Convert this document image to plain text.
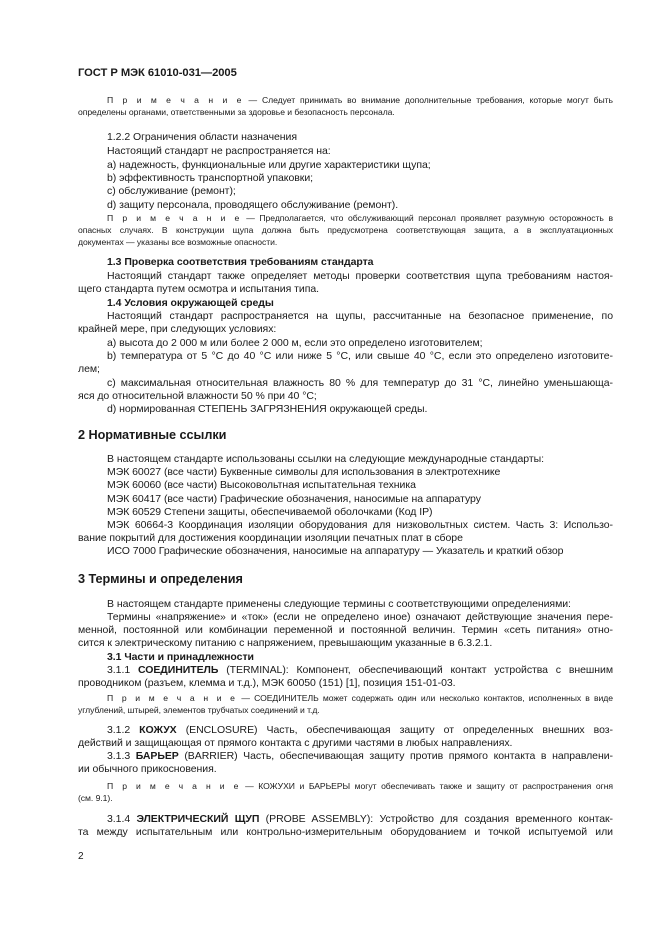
ГОСТ Р МЭК 61010-031—2005

П р и м е ч а н и е — Следует принимать во внимание дополнительные требования, которые могут быть

определены органами, ответственными за здоровье и безопасность персонала.

1.2.2 Ограничения области назначения

Настоящий стандарт не распространяется на:

а) надежность, функциональные или другие характеристики щупа;

b) эффективность транспортной упаковки;

c) обслуживание (ремонт);

d) защиту персонала, проводящего обслуживание (ремонт).

П р и м е ч а н и е — Предполагается, что обслуживающий персонал проявляет разумную осторожность в

опасных случаях. В конструкции щупа должна быть предусмотрена соответствующая защита, а в эксплуатационных

документах — указаны все возможные опасности.

1.3 Проверка соответствия требованиям стандарта

Настоящий стандарт также определяет методы проверки соответствия щупа требованиям настоя-

щего стандарта путем осмотра и испытания типа.

1.4 Условия окружающей среды

Настоящий стандарт распространяется на щупы, рассчитанные на безопасное применение, по

крайней мере, при следующих условиях:

а) высота до 2 000 м или более 2 000 м, если это определено изготовителем;

b) температура от 5 °С до 40 °С или ниже 5 °С, или свыше 40 °С, если это определено изготовите-

лем;

c) максимальная относительная влажность 80 % для температур до 31 °С, линейно уменьшающа-

яся до относительной влажности 50 % при 40 °С;

d) нормированная СТЕПЕНЬ ЗАГРЯЗНЕНИЯ окружающей среды.

2 Нормативные ссылки

В настоящем стандарте использованы ссылки на следующие международные стандарты:

МЭК 60027 (все части) Буквенные символы для использования в электротехнике

МЭК 60060 (все части) Высоковольтная испытательная техника

МЭК 60417 (все части) Графические обозначения, наносимые на аппаратуру

МЭК 60529 Степени защиты, обеспечиваемой оболочками (Код IP)

МЭК 60664-3 Координация изоляции оборудования для низковольтных систем. Часть 3: Использо-

вание покрытий для достижения координации изоляции печатных плат в сборе

ИСО 7000 Графические обозначения, наносимые на аппаратуру — Указатель и краткий обзор

3 Термины и определения

В настоящем стандарте применены следующие термины с соответствующими определениями:

Термины «напряжение» и «ток» (если не определено иное) означают действующие значения пере-

менной, постоянной или комбинации переменной и постоянной величин. Термин «сеть питания» отно-

сится к электрическому питанию с напряжением, превышающим указанные в 6.3.2.1.

3.1 Части и принадлежности

3.1.1 СОЕДИНИТЕЛЬ (TERMINAL): Компонент, обеспечивающий контакт устройства с внешним

проводником (разъем, клемма и т.д.), МЭК 60050 (151) [1], позиция 151-01-03.

П р и м е ч а н и е — СОЕДИНИТЕЛЬ может содержать один или несколько контактов, исполненных в виде

углублений, штырей, элементов трубчатых соединений и т.д.

3.1.2 КОЖУХ (ENCLOSURE) Часть, обеспечивающая защиту от определенных внешних воз-

действий и защищающая от прямого контакта с другими частями в любых направлениях.

3.1.3 БАРЬЕР (BARRIER) Часть, обеспечивающая защиту против прямого контакта в направлени-

ии обычного прикосновения.

П р и м е ч а н и е — КОЖУХИ и БАРЬЕРЫ могут обеспечивать также и защиту от распространения огня

(см. 9.1).

3.1.4 ЭЛЕКТРИЧЕСКИЙ ЩУП (PROBE ASSEMBLY): Устройство для создания временного контак-

та между испытательным или контрольно-измерительным оборудованием и точкой испытуемой или

2
